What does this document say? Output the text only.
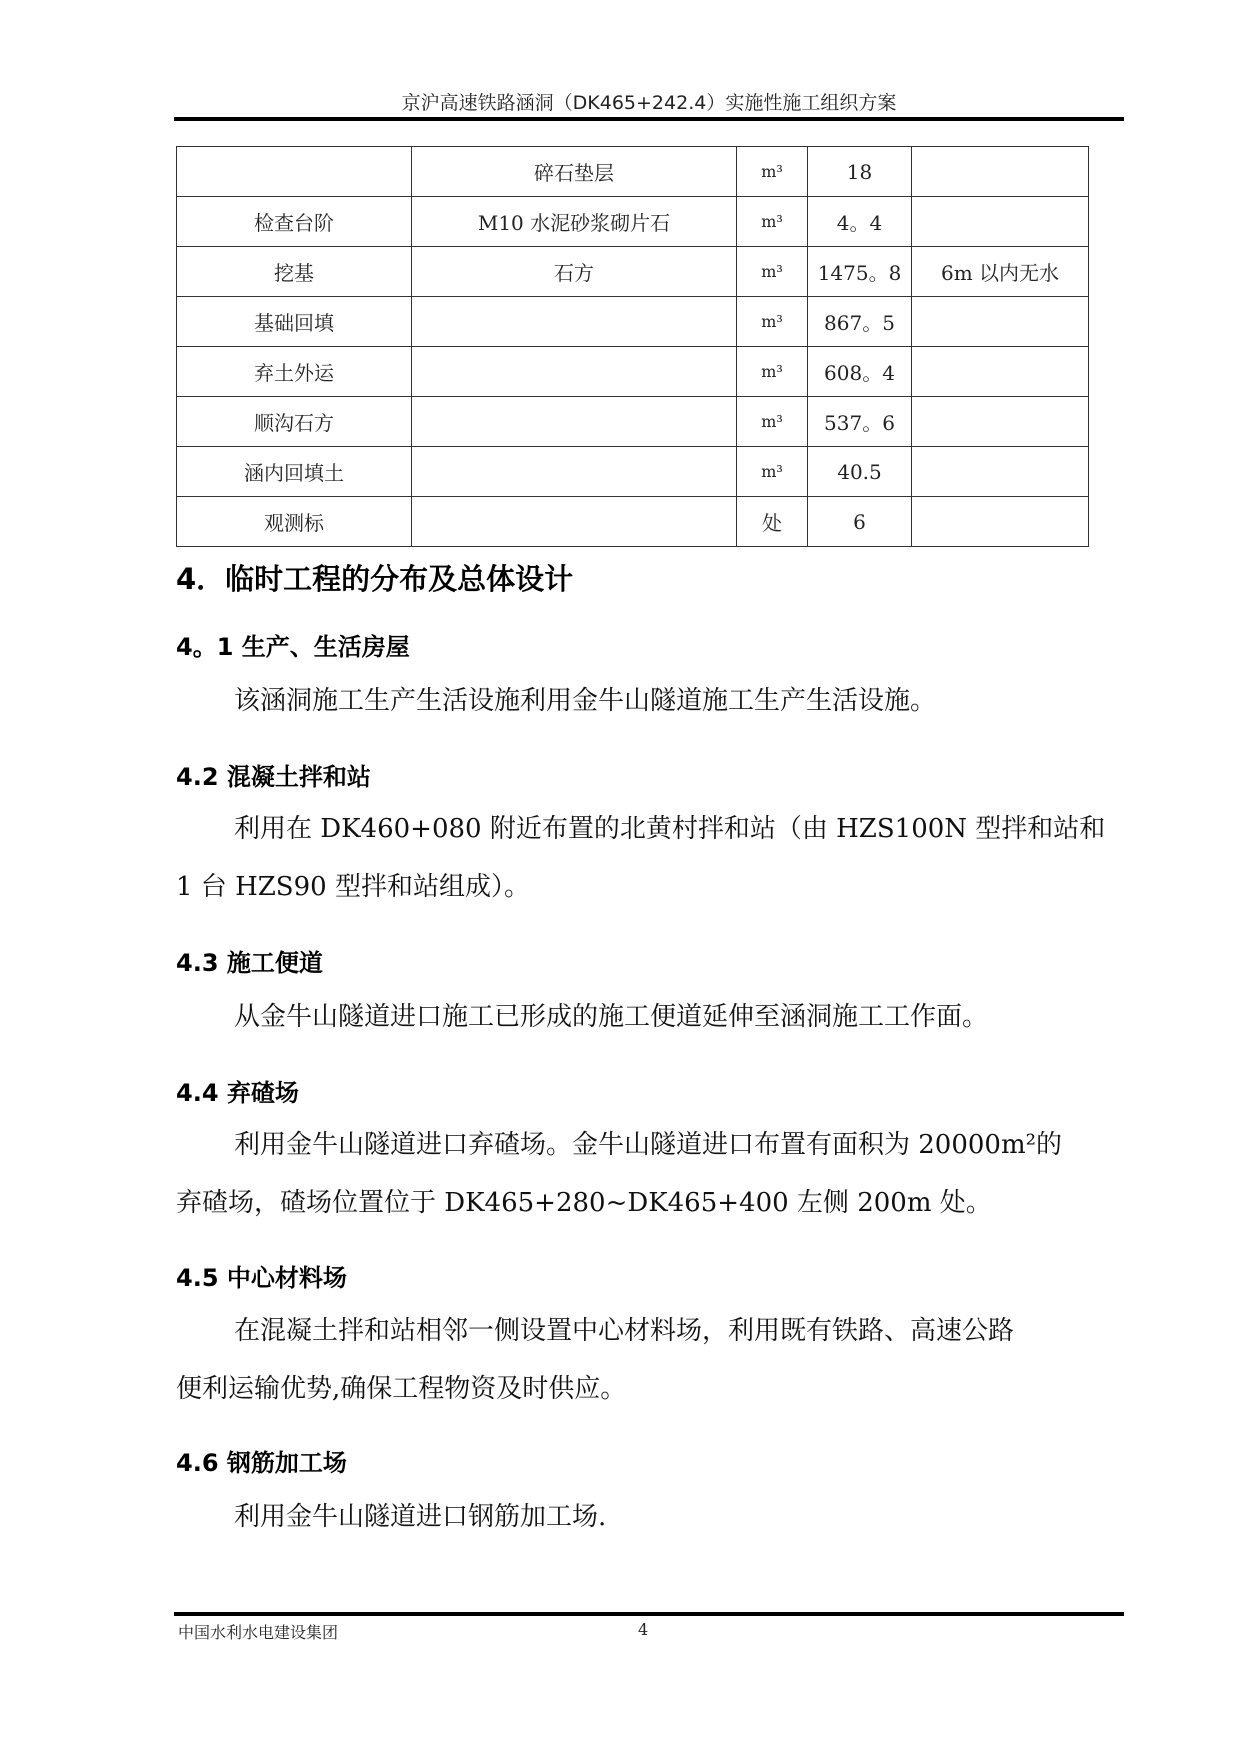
京沪高速铁路涵洞（DK465+242.4）实施性施工组织方案
	碎石垫层	m³	18	
检查台阶	M10 水泥砂浆砌片石	m³	4。4	
挖基	石方	m³	1475。8	6m 以内无水
基础回填		m³	867。5	
弃土外运		m³	608。4	
顺沟石方		m³	537。6	
涵内回填土		m³	40.5	
观测标		处	6	
4．临时工程的分布及总体设计
4。1 生产、生活房屋
该涵洞施工生产生活设施利用金牛山隧道施工生产生活设施。
4.2 混凝土拌和站
利用在 DK460+080 附近布置的北黄村拌和站（由 HZS100N 型拌和站和
1 台 HZS90 型拌和站组成）。
4.3 施工便道
从金牛山隧道进口施工已形成的施工便道延伸至涵洞施工工作面。
4.4 弃碴场
利用金牛山隧道进口弃碴场。金牛山隧道进口布置有面积为 20000m²的
弃碴场，碴场位置位于 DK465+280~DK465+400 左侧 200m 处。
4.5 中心材料场
在混凝土拌和站相邻一侧设置中心材料场，利用既有铁路、高速公路
便利运输优势,确保工程物资及时供应。
4.6 钢筋加工场
利用金牛山隧道进口钢筋加工场.
中国水利水电建设集团	4
